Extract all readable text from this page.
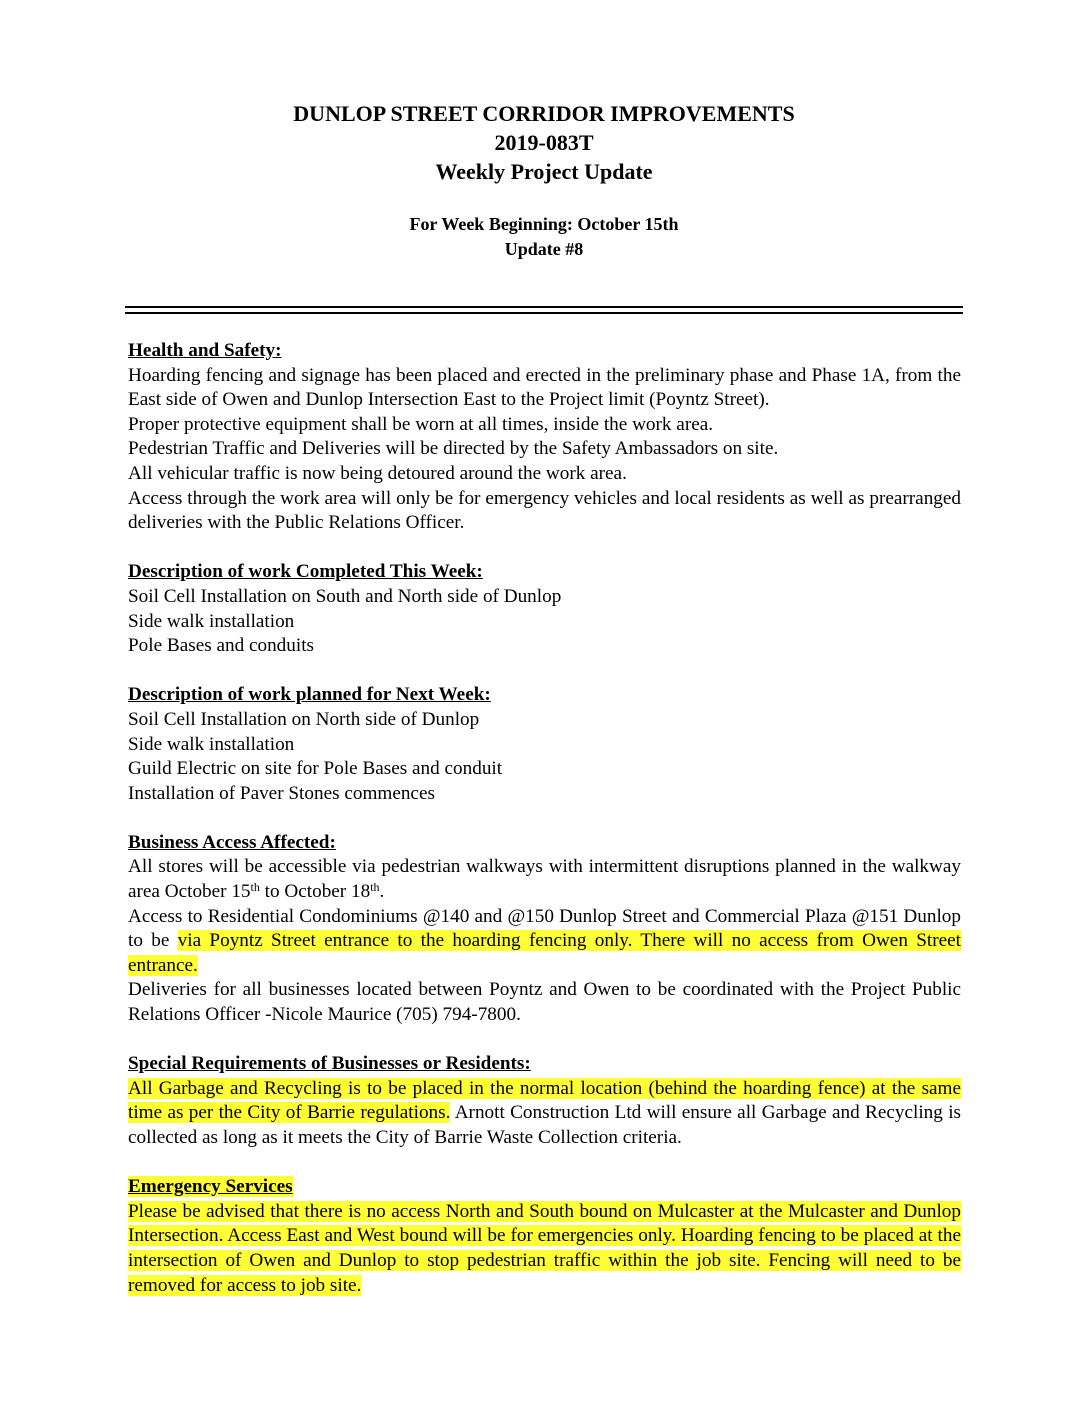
DUNLOP STREET CORRIDOR IMPROVEMENTS
2019-083T
Weekly Project Update
For Week Beginning: October 15th
Update #8
Health and Safety:
Hoarding fencing and signage has been placed and erected in the preliminary phase and Phase 1A, from the East side of Owen and Dunlop Intersection East to the Project limit (Poyntz Street).
Proper protective equipment shall be worn at all times, inside the work area.
Pedestrian Traffic and Deliveries will be directed by the Safety Ambassadors on site.
All vehicular traffic is now being detoured around the work area.
Access through the work area will only be for emergency vehicles and local residents as well as prearranged deliveries with the Public Relations Officer.
Description of work Completed This Week:
Soil Cell Installation on South and North side of Dunlop
Side walk installation
Pole Bases and conduits
Description of work planned for Next Week:
Soil Cell Installation on North side of Dunlop
Side walk installation
Guild Electric on site for Pole Bases and conduit
Installation of Paver Stones commences
Business Access Affected:
All stores will be accessible via pedestrian walkways with intermittent disruptions planned in the walkway area October 15th to October 18th.
Access to Residential Condominiums @140 and @150 Dunlop Street and Commercial Plaza @151 Dunlop to be via Poyntz Street entrance to the hoarding fencing only. There will no access from Owen Street entrance.
Deliveries for all businesses located between Poyntz and Owen to be coordinated with the Project Public Relations Officer -Nicole Maurice (705) 794-7800.
Special Requirements of Businesses or Residents:
All Garbage and Recycling is to be placed in the normal location (behind the hoarding fence) at the same time as per the City of Barrie regulations. Arnott Construction Ltd will ensure all Garbage and Recycling is collected as long as it meets the City of Barrie Waste Collection criteria.
Emergency Services
Please be advised that there is no access North and South bound on Mulcaster at the Mulcaster and Dunlop Intersection. Access East and West bound will be for emergencies only. Hoarding fencing to be placed at the intersection of Owen and Dunlop to stop pedestrian traffic within the job site. Fencing will need to be removed for access to job site.
